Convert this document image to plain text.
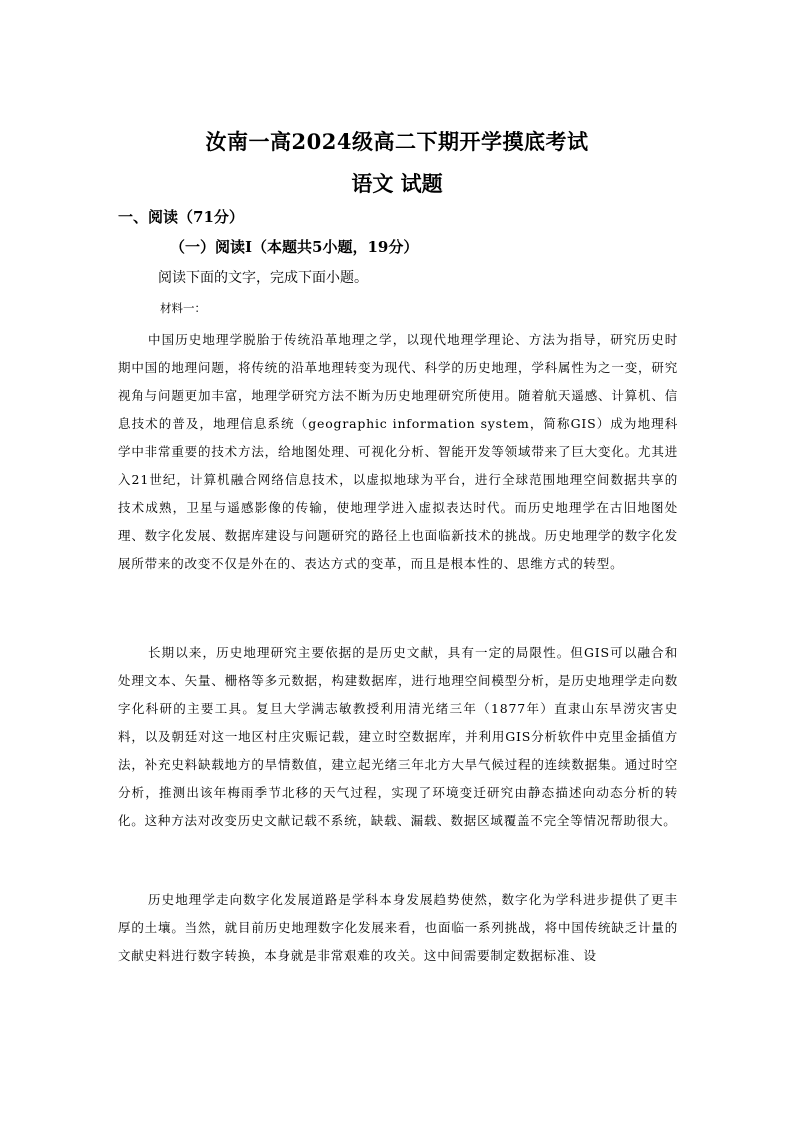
汝南一高2024级高二下期开学摸底考试
语文 试题
一、阅读（71分）
（一）阅读Ⅰ（本题共5小题，19分）
阅读下面的文字，完成下面小题。
材料一：

中国历史地理学脱胎于传统沿革地理之学，以现代地理学理论、方法为指导，研究历史时期中国的地理问题，将传统的沿革地理转变为现代、科学的历史地理，学科属性为之一变，研究视角与问题更加丰富，地理学研究方法不断为历史地理研究所使用。随着航天遥感、计算机、信息技术的普及，地理信息系统（geographic information system，简称GIS）成为地理科学中非常重要的技术方法，给地图处理、可视化分析、智能开发等领域带来了巨大变化。尤其进入21世纪，计算机融合网络信息技术，以虚拟地球为平台，进行全球范围地理空间数据共享的技术成熟，卫星与遥感影像的传输，使地理学进入虚拟表达时代。而历史地理学在古旧地图处理、数字化发展、数据库建设与问题研究的路径上也面临新技术的挑战。历史地理学的数字化发展所带来的改变不仅是外在的、表达方式的变革，而且是根本性的、思维方式的转型。

长期以来，历史地理研究主要依据的是历史文献，具有一定的局限性。但GIS可以融合和处理文本、矢量、栅格等多元数据，构建数据库，进行地理空间模型分析，是历史地理学走向数字化科研的主要工具。复旦大学满志敏教授利用清光绪三年（1877年）直隶山东旱涝灾害史料，以及朝廷对这一地区村庄灾赈记载，建立时空数据库，并利用GIS分析软件中克里金插值方法，补充史料缺载地方的旱情数值，建立起光绪三年北方大旱气候过程的连续数据集。通过时空分析，推测出该年梅雨季节北移的天气过程，实现了环境变迁研究由静态描述向动态分析的转化。这种方法对改变历史文献记载不系统，缺载、漏载、数据区域覆盖不完全等情况帮助很大。

历史地理学走向数字化发展道路是学科本身发展趋势使然，数字化为学科进步提供了更丰厚的土壤。当然，就目前历史地理数字化发展来看，也面临一系列挑战，将中国传统缺乏计量的文献史料进行数字转换，本身就是非常艰难的攻关。这中间需要制定数据标准、设
